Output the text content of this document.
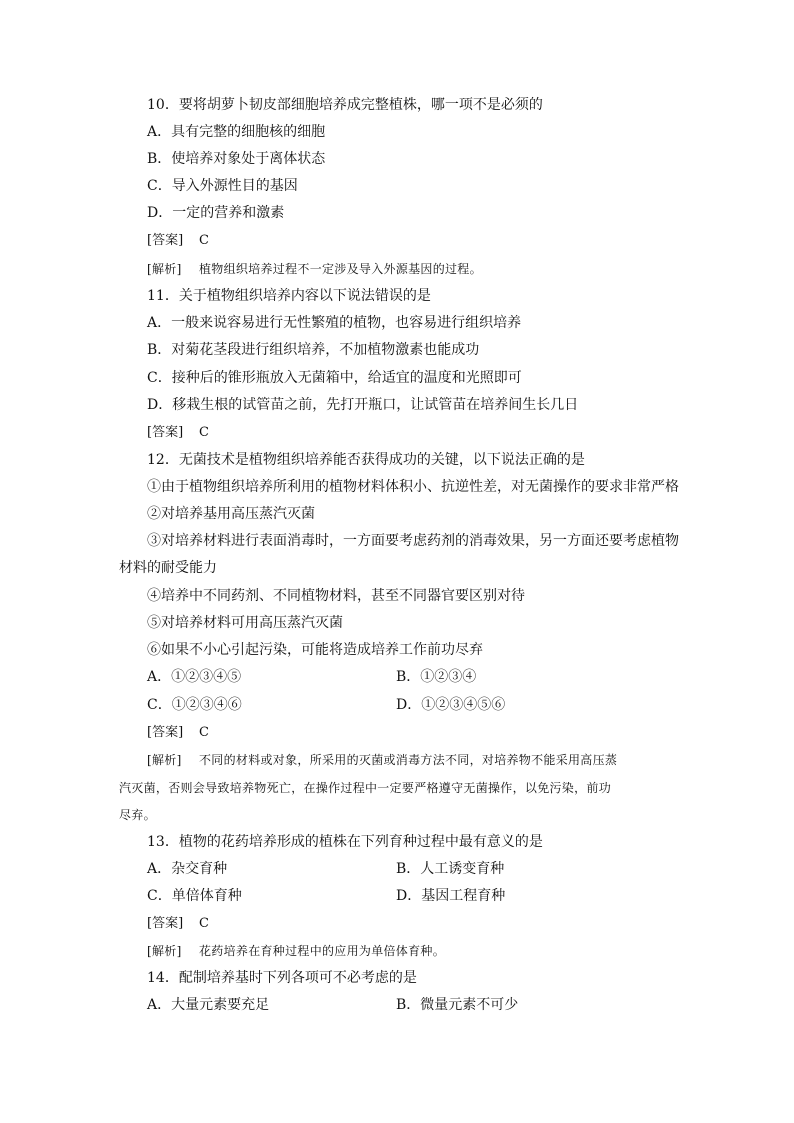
10．要将胡萝卜韧皮部细胞培养成完整植株，哪一项不是必须的
A．具有完整的细胞核的细胞
B．使培养对象处于离体状态
C．导入外源性目的基因
D．一定的营养和激素
[答案] C
[解析] 植物组织培养过程不一定涉及导入外源基因的过程。
11．关于植物组织培养内容以下说法错误的是
A．一般来说容易进行无性繁殖的植物，也容易进行组织培养
B．对菊花茎段进行组织培养，不加植物激素也能成功
C．接种后的锥形瓶放入无菌箱中，给适宜的温度和光照即可
D．移栽生根的试管苗之前，先打开瓶口，让试管苗在培养间生长几日
[答案] C
12．无菌技术是植物组织培养能否获得成功的关键，以下说法正确的是
①由于植物组织培养所利用的植物材料体积小、抗逆性差，对无菌操作的要求非常严格
②对培养基用高压蒸汽灭菌
③对培养材料进行表面消毒时，一方面要考虑药剂的消毒效果，另一方面还要考虑植物
材料的耐受能力
④培养中不同药剂、不同植物材料，甚至不同器官要区别对待
⑤对培养材料可用高压蒸汽灭菌
⑥如果不小心引起污染，可能将造成培养工作前功尽弃
A．①②③④⑤	B．①②③④
C．①②③④⑥	D．①②③④⑤⑥
[答案] C
[解析] 不同的材料或对象，所采用的灭菌或消毒方法不同，对培养物不能采用高压蒸
汽灭菌，否则会导致培养物死亡，在操作过程中一定要严格遵守无菌操作，以免污染，前功
尽弃。
13．植物的花药培养形成的植株在下列育种过程中最有意义的是
A．杂交育种	B．人工诱变育种
C．单倍体育种	D．基因工程育种
[答案] C
[解析] 花药培养在育种过程中的应用为单倍体育种。
14．配制培养基时下列各项可不必考虑的是
A．大量元素要充足	B．微量元素不可少
